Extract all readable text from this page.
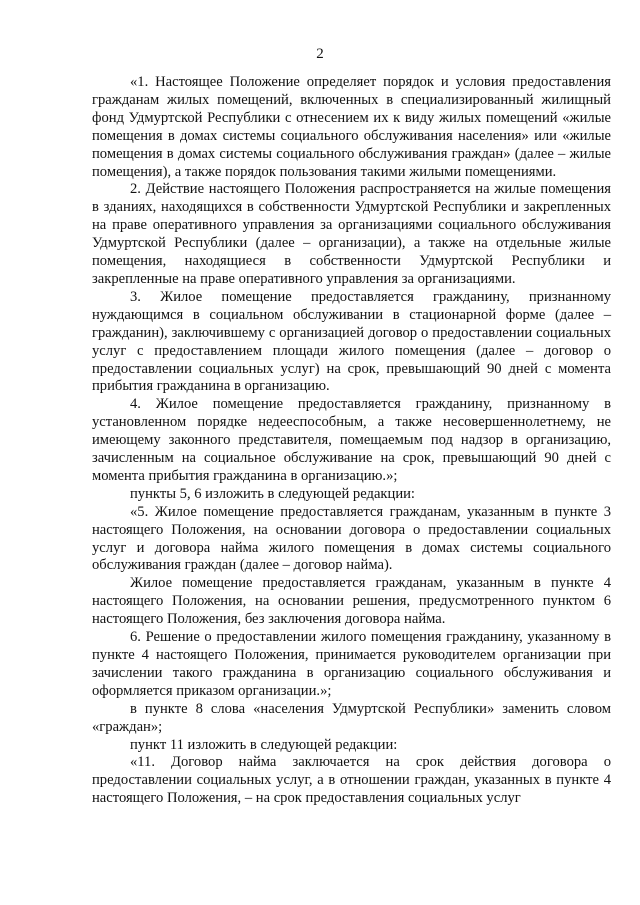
2

«1. Настоящее Положение определяет порядок и условия предоставления гражданам жилых помещений, включенных в специализированный жилищный фонд Удмуртской Республики с отнесением их к виду жилых помещений «жилые помещения в домах системы социального обслуживания населения» или «жилые помещения в домах системы социального обслуживания граждан» (далее – жилые помещения), а также порядок пользования такими жилыми помещениями.

2. Действие настоящего Положения распространяется на жилые помещения в зданиях, находящихся в собственности Удмуртской Республики и закрепленных на праве оперативного управления за организациями социального обслуживания Удмуртской Республики (далее – организации), а также на отдельные жилые помещения, находящиеся в собственности Удмуртской Республики и закрепленные на праве оперативного управления за организациями.

3. Жилое помещение предоставляется гражданину, признанному нуждающимся в социальном обслуживании в стационарной форме (далее – гражданин), заключившему с организацией договор о предоставлении социальных услуг с предоставлением площади жилого помещения (далее – договор о предоставлении социальных услуг) на срок, превышающий 90 дней с момента прибытия гражданина в организацию.

4. Жилое помещение предоставляется гражданину, признанному в установленном порядке недееспособным, а также несовершеннолетнему, не имеющему законного представителя, помещаемым под надзор в организацию, зачисленным на социальное обслуживание на срок, превышающий 90 дней с момента прибытия гражданина в организацию.»;

пункты 5, 6 изложить в следующей редакции:

«5. Жилое помещение предоставляется гражданам, указанным в пункте 3 настоящего Положения, на основании договора о предоставлении социальных услуг и договора найма жилого помещения в домах системы социального обслуживания граждан (далее – договор найма).

Жилое помещение предоставляется гражданам, указанным в пункте 4 настоящего Положения, на основании решения, предусмотренного пунктом 6 настоящего Положения, без заключения договора найма.

6. Решение о предоставлении жилого помещения гражданину, указанному в пункте 4 настоящего Положения, принимается руководителем организации при зачислении такого гражданина в организацию социального обслуживания и оформляется приказом организации.»;

в пункте 8 слова «населения Удмуртской Республики» заменить словом «граждан»;

пункт 11 изложить в следующей редакции:

«11. Договор найма заключается на срок действия договора о предоставлении социальных услуг, а в отношении граждан, указанных в пункте 4 настоящего Положения, – на срок предоставления социальных услуг
